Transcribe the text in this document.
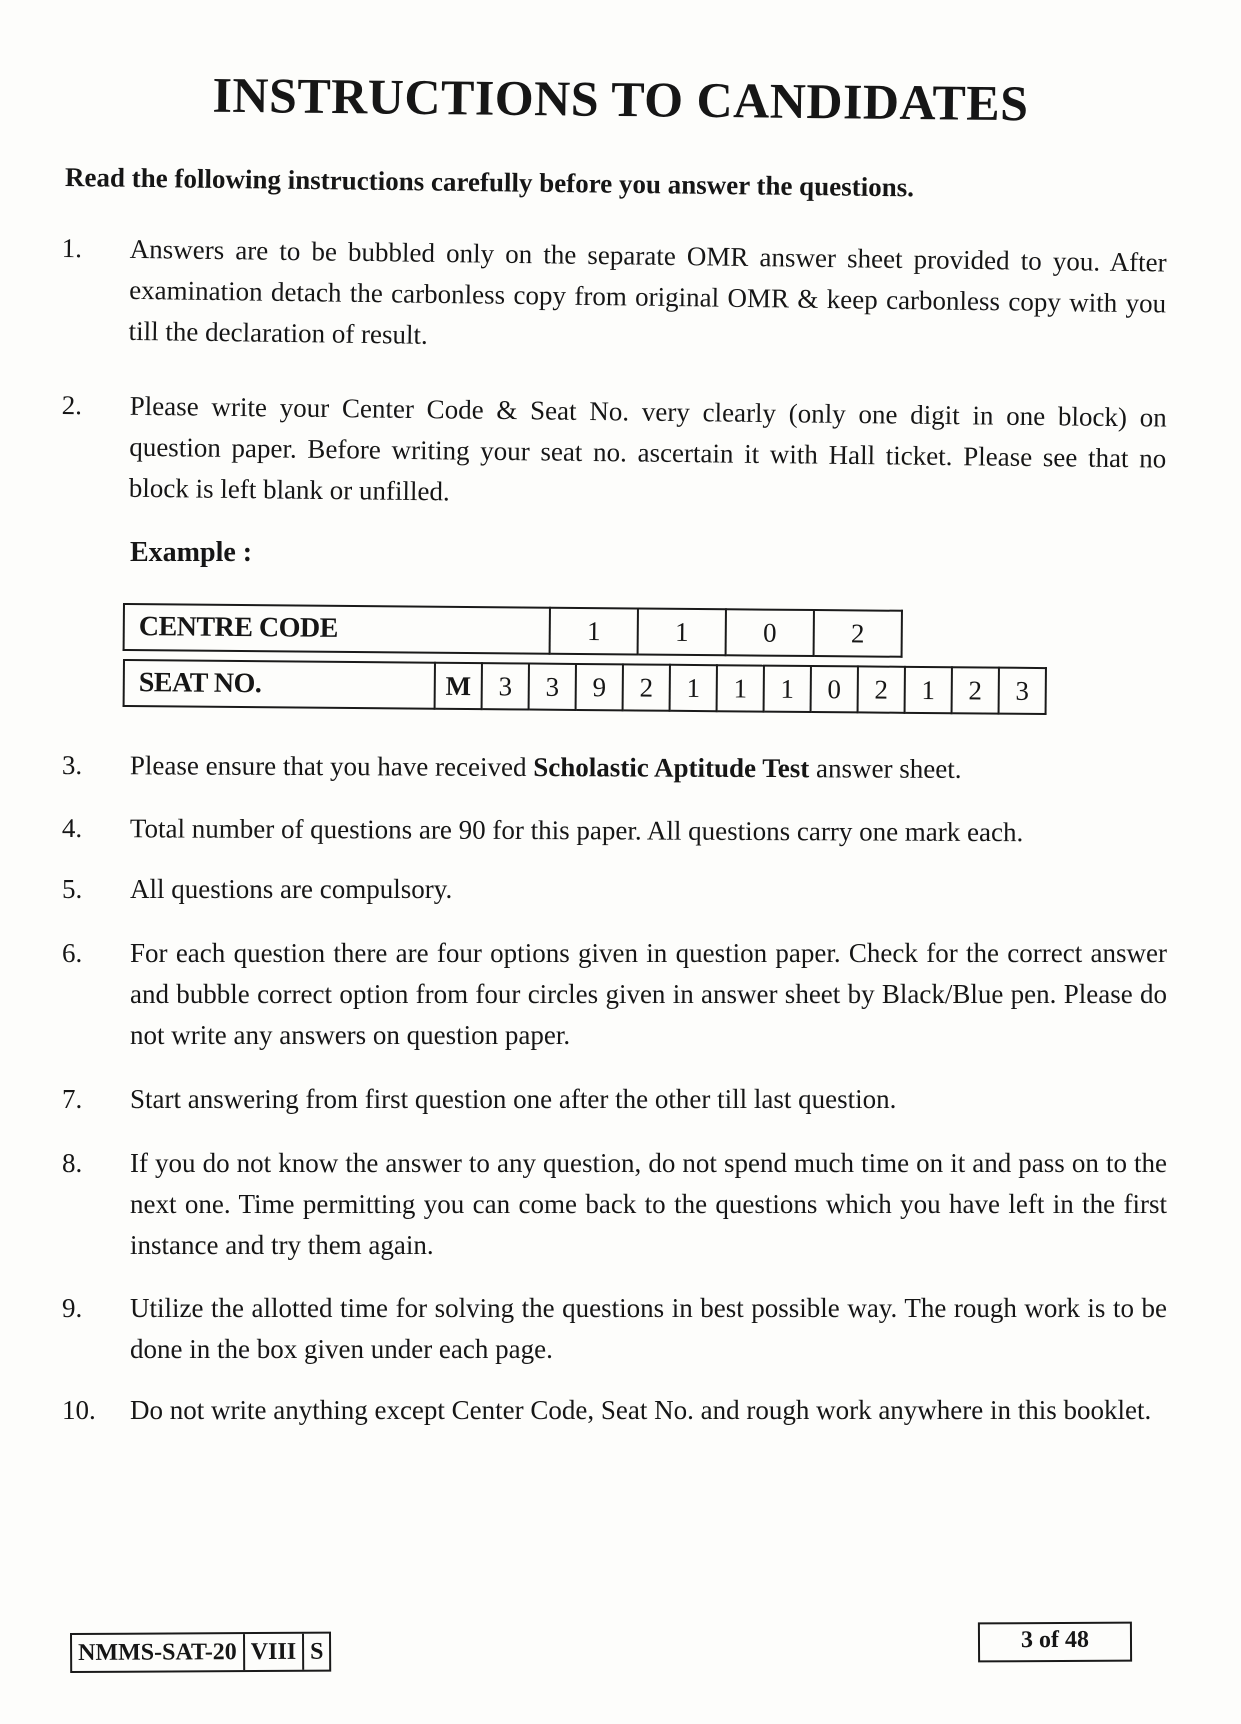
INSTRUCTIONS TO CANDIDATES
Read the following instructions carefully before you answer the questions.
1.	Answers are to be bubbled only on the separate OMR answer sheet provided to you. After examination detach the carbonless copy from original OMR & keep carbonless copy with you till the declaration of result.
2.	Please write your Center Code & Seat No. very clearly (only one digit in one block) on question paper. Before writing your seat no. ascertain it with Hall ticket. Please see that no block is left blank or unfilled.
Example :
CENTRE CODE	1	1	0	2
SEAT NO.	M	3	3	9	2	1	1	1	0	2	1	2	3
3.	Please ensure that you have received Scholastic Aptitude Test answer sheet.
4.	Total number of questions are 90 for this paper. All questions carry one mark each.
5.	All questions are compulsory.
6.	For each question there are four options given in question paper. Check for the correct answer and bubble correct option from four circles given in answer sheet by Black/Blue pen. Please do not write any answers on question paper.
7.	Start answering from first question one after the other till last question.
8.	If you do not know the answer to any question, do not spend much time on it and pass on to the next one. Time permitting you can come back to the questions which you have left in the first instance and try them again.
9.	Utilize the allotted time for solving the questions in best possible way. The rough work is to be done in the box given under each page.
10.	Do not write anything except Center Code, Seat No. and rough work anywhere in this booklet.
NMMS-SAT-20 VIII S	3 of 48
